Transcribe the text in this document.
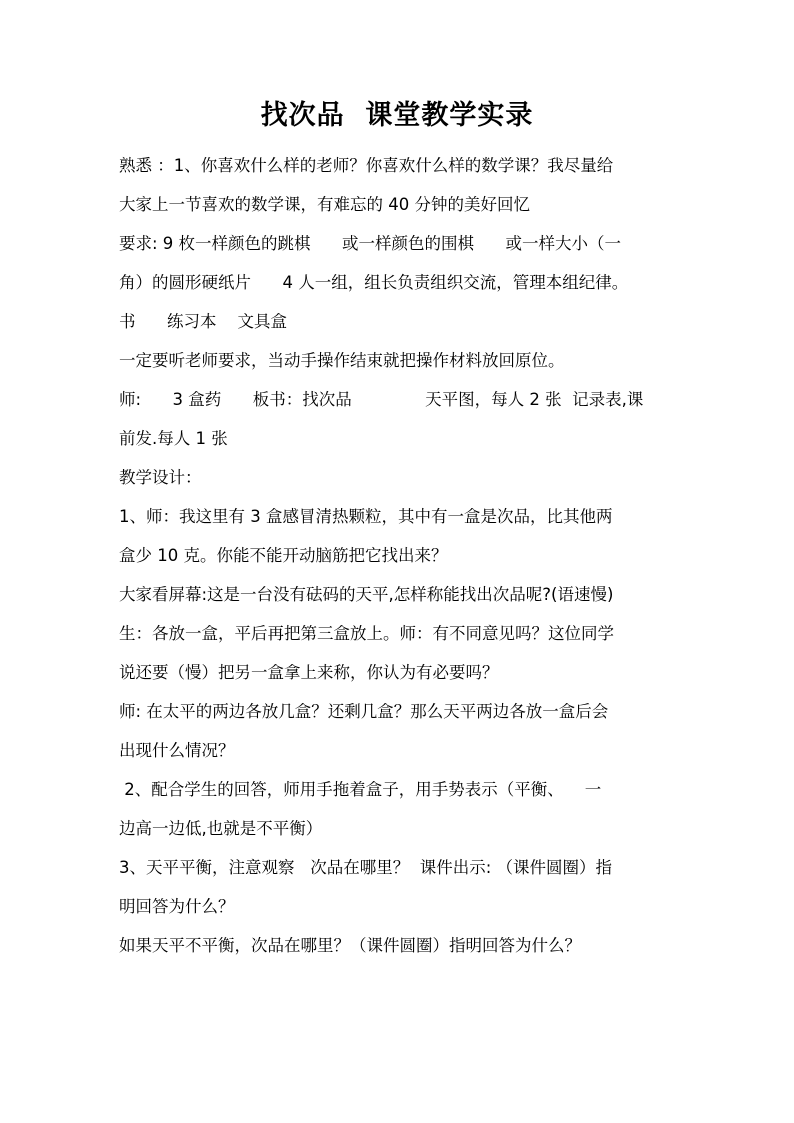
找次品  课堂教学实录
熟悉 ：1、你喜欢什么样的老师？你喜欢什么样的数学课？我尽量给
大家上一节喜欢的数学课，有难忘的 40 分钟的美好回忆
要求: 9 枚一样颜色的跳棋      或一样颜色的围棋      或一样大小（一
角）的圆形硬纸片      4 人一组，组长负责组织交流，管理本组纪律。
书      练习本    文具盒
一定要听老师要求，当动手操作结束就把操作材料放回原位。
师:      3 盒药      板书：找次品              天平图，每人 2 张  记录表,课
前发.每人 1 张
教学设计：
1、师：我这里有 3 盒感冒清热颗粒，其中有一盒是次品，比其他两
盒少 10 克。你能不能开动脑筋把它找出来？
大家看屏幕:这是一台没有砝码的天平,怎样称能找出次品呢?(语速慢)
生：各放一盒，平后再把第三盒放上。师：有不同意见吗？这位同学
说还要（慢）把另一盒拿上来称，你认为有必要吗？
师: 在太平的两边各放几盒？还剩几盒？那么天平两边各放一盒后会
出现什么情况？
2、配合学生的回答，师用手拖着盒子，用手势表示（平衡、    一
边高一边低,也就是不平衡）
3、天平平衡，注意观察   次品在哪里？  课件出示: （课件圆圈）指
明回答为什么？
如果天平不平衡，次品在哪里？（课件圆圈）指明回答为什么？
